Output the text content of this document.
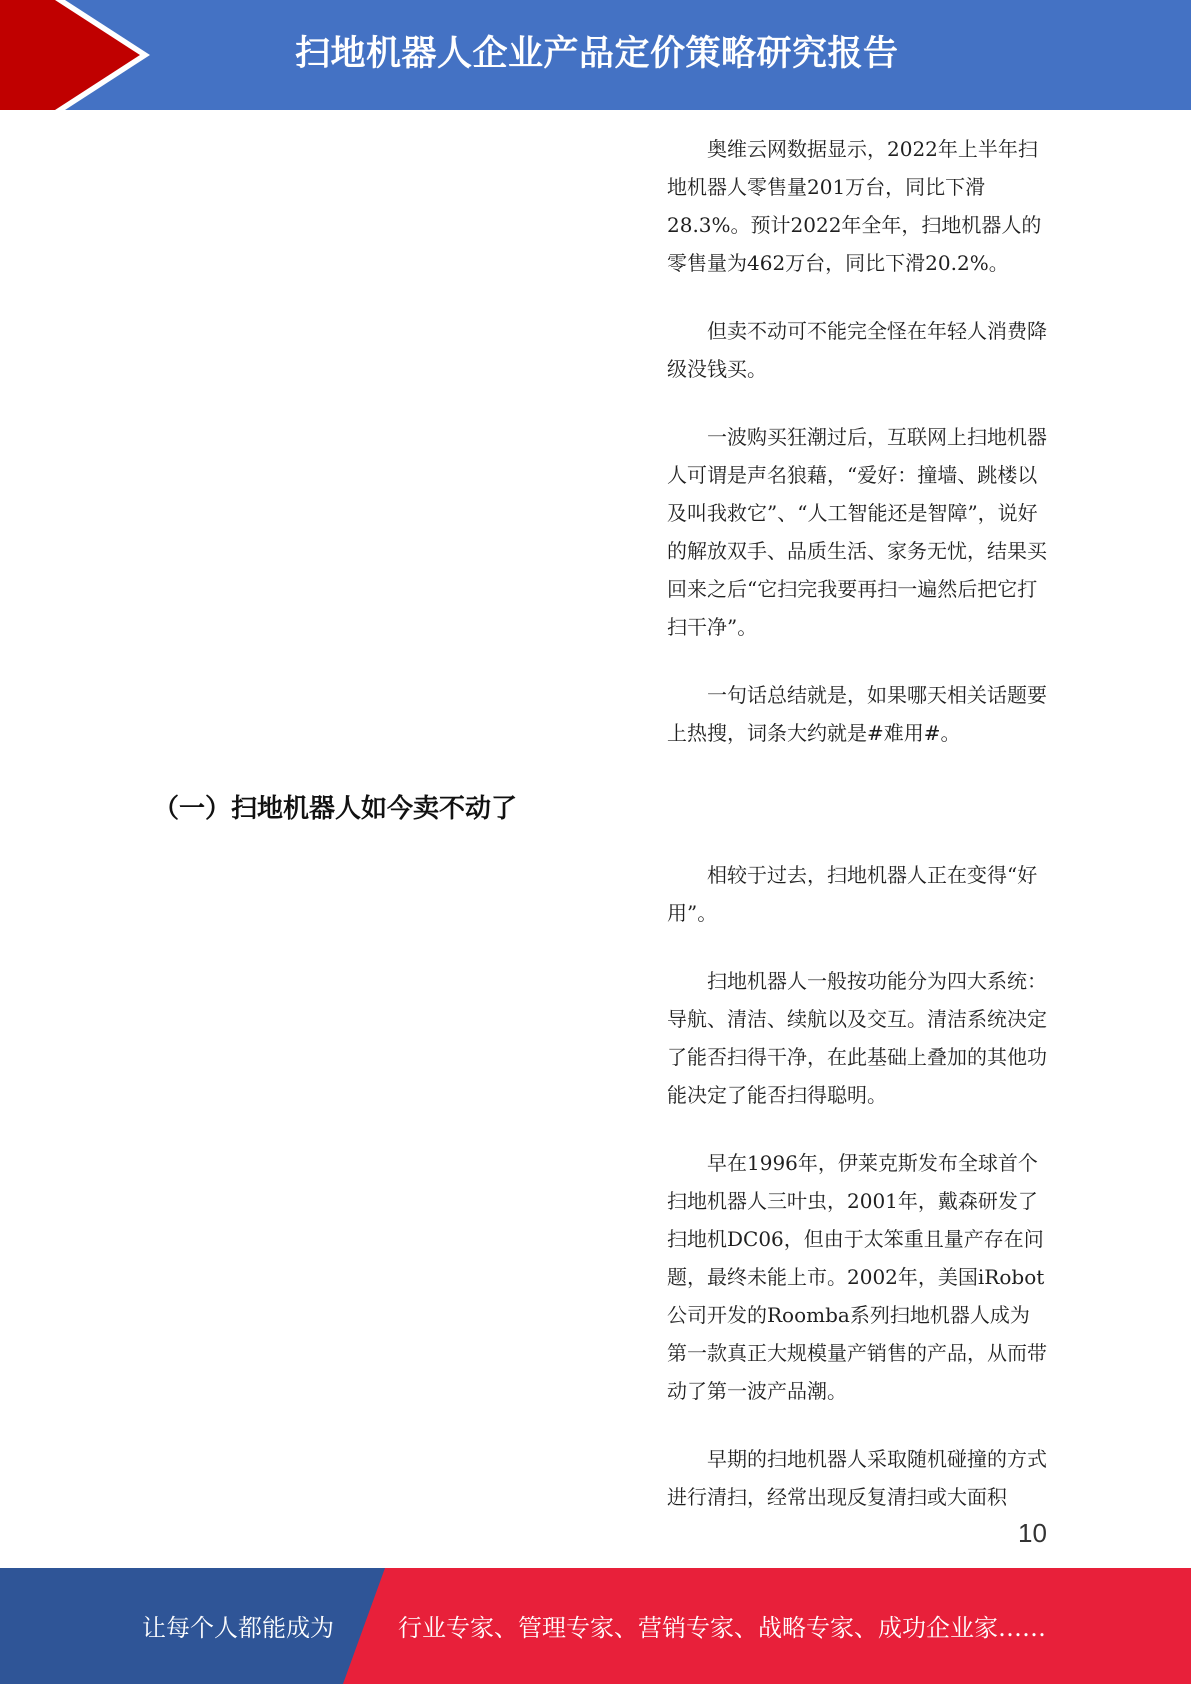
扫地机器人企业产品定价策略研究报告

奥维云网数据显示，2022年上半年扫地机器人零售量201万台，同比下滑28.3%。预计2022年全年，扫地机器人的零售量为462万台，同比下滑20.2%。

但卖不动可不能完全怪在年轻人消费降级没钱买。

一波购买狂潮过后，互联网上扫地机器人可谓是声名狼藉，“爱好：撞墙、跳楼以及叫我救它”、“人工智能还是智障”，说好的解放双手、品质生活、家务无忧，结果买回来之后“它扫完我要再扫一遍然后把它打扫干净”。

一句话总结就是，如果哪天相关话题要上热搜，词条大约就是#难用#。

相较于过去，扫地机器人正在变得“好用”。

扫地机器人一般按功能分为四大系统：导航、清洁、续航以及交互。清洁系统决定了能否扫得干净，在此基础上叠加的其他功能决定了能否扫得聪明。

早在1996年，伊莱克斯发布全球首个扫地机器人三叶虫，2001年，戴森研发了扫地机DC06，但由于太笨重且量产存在问题，最终未能上市。2002年，美国iRobot公司开发的Roomba系列扫地机器人成为第一款真正大规模量产销售的产品，从而带动了第一波产品潮。

早期的扫地机器人采取随机碰撞的方式进行清扫，经常出现反复清扫或大面积

（一）扫地机器人如今卖不动了
10
让每个人都能成为	行业专家、管理专家、营销专家、战略专家、成功企业家……
